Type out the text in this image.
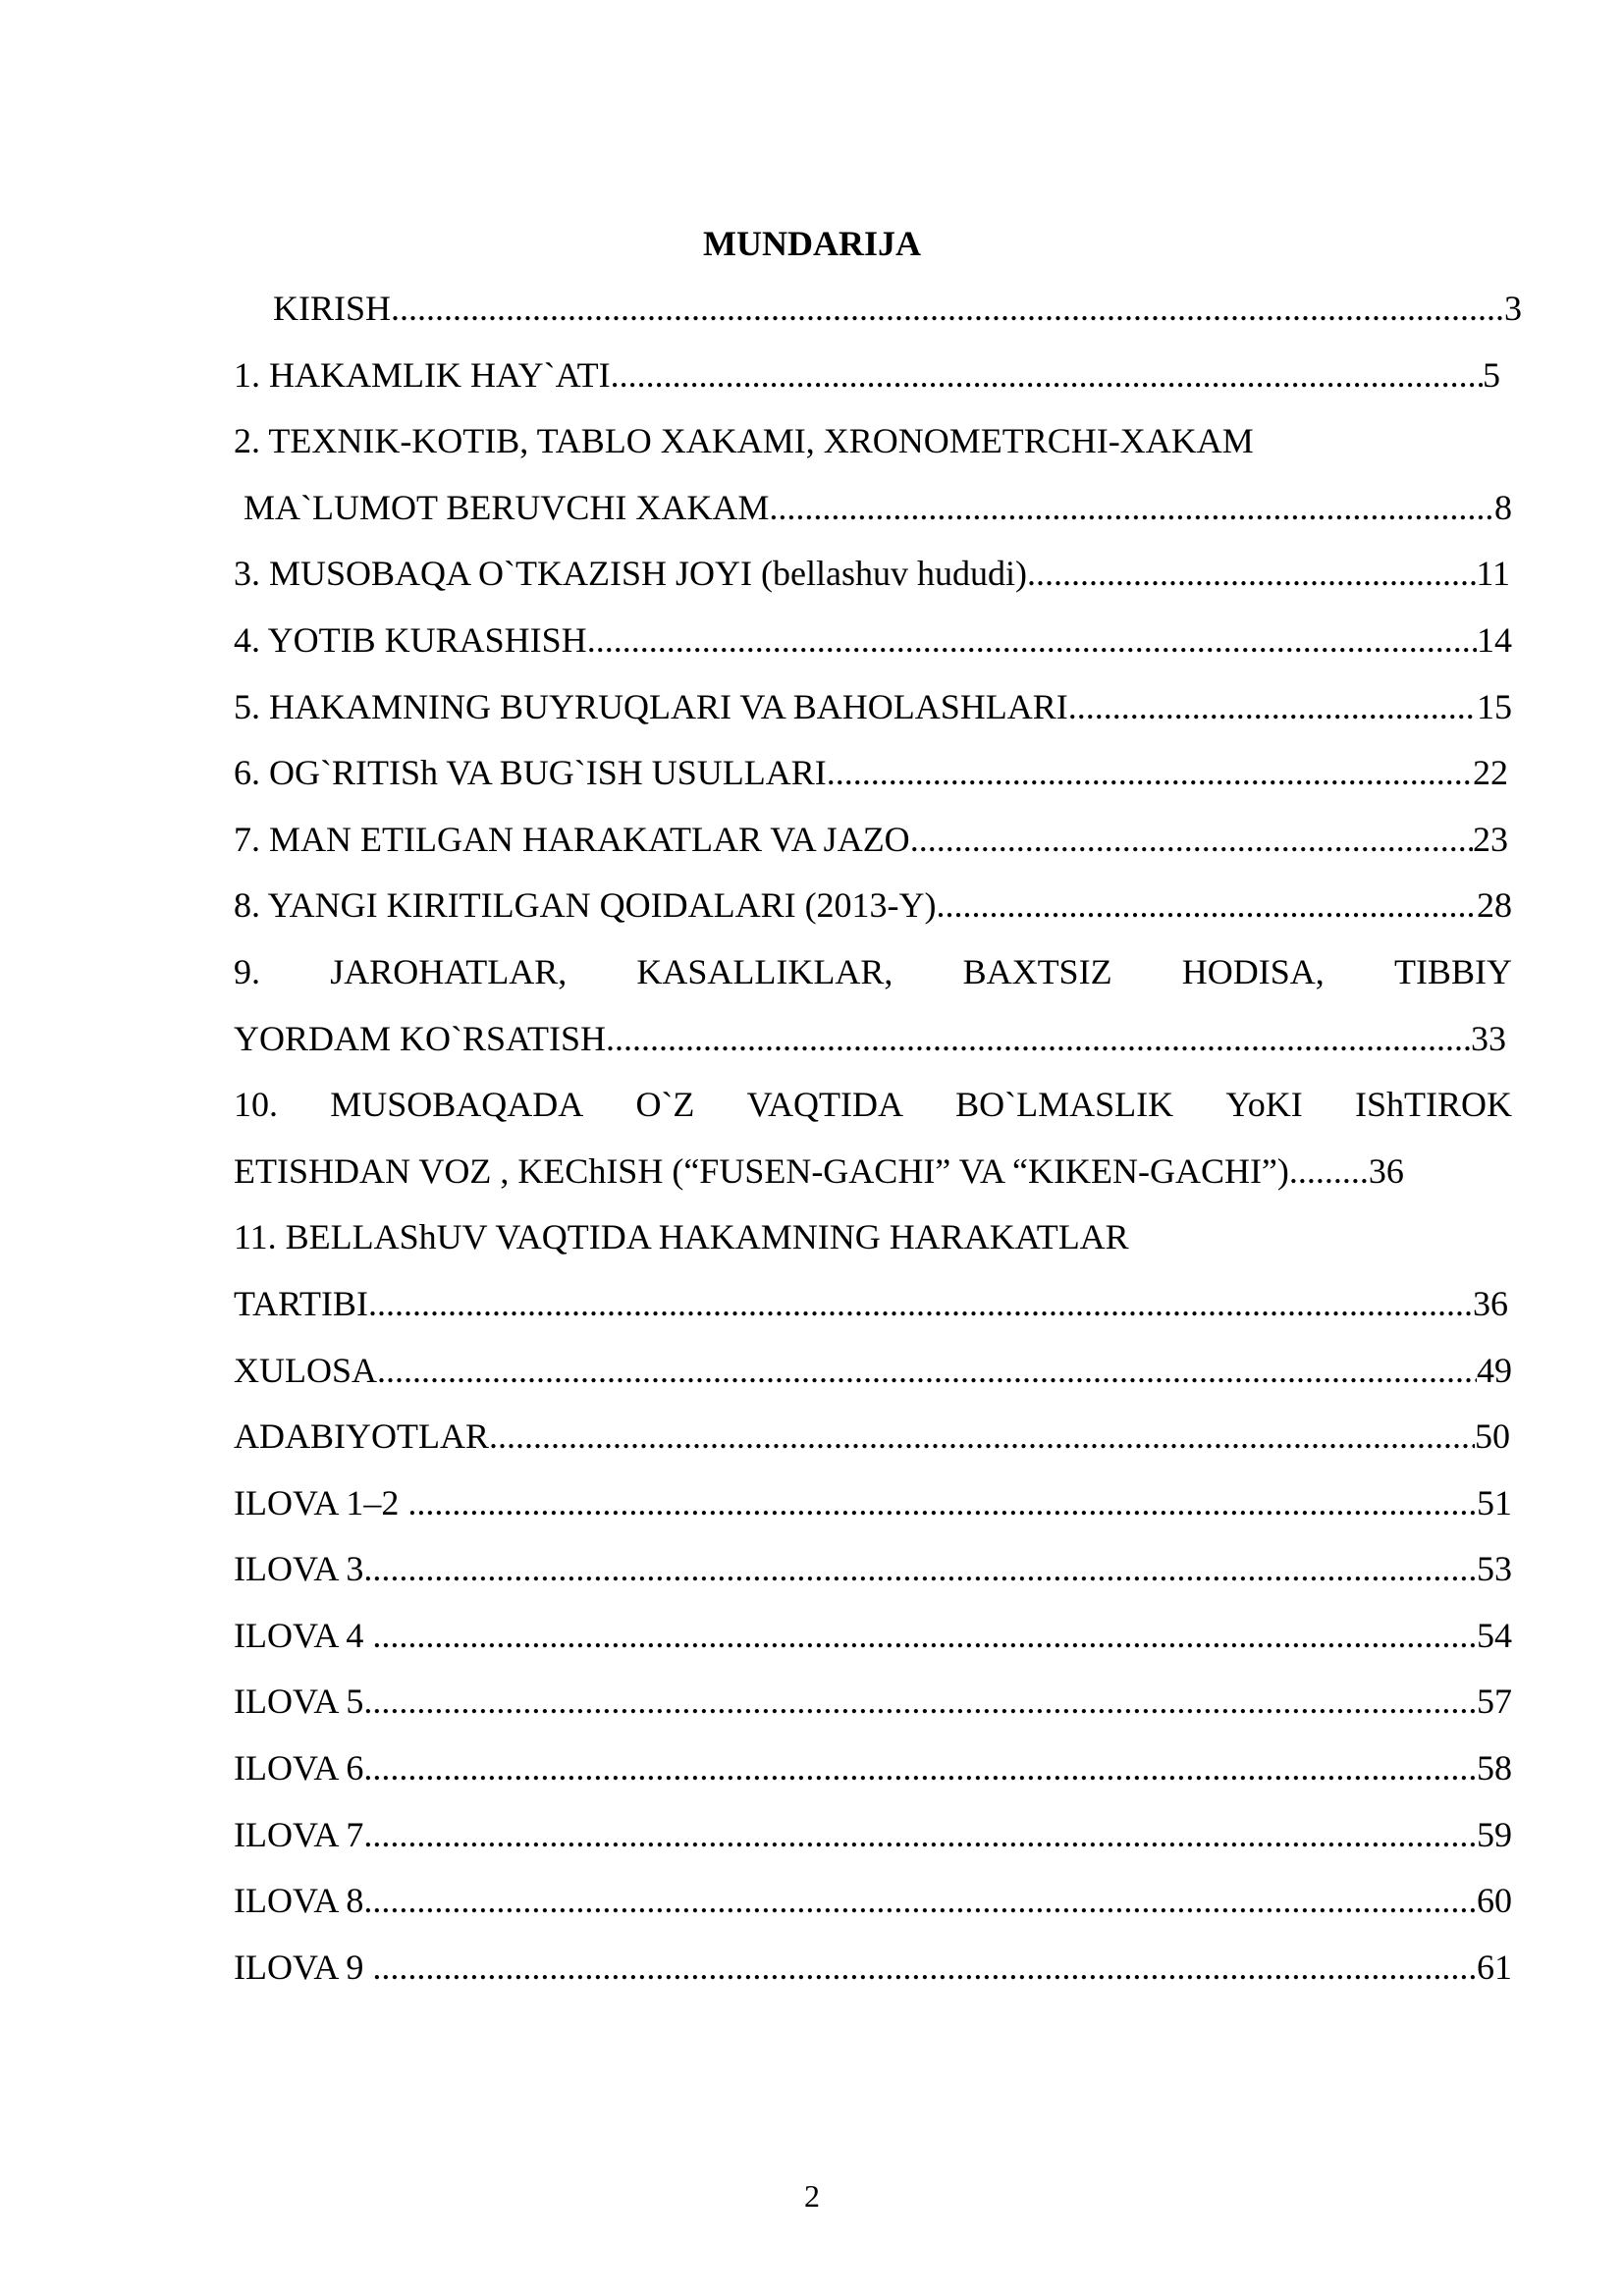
MUNDARIJA
KIRISH .....	3
1. HAKAMLIK HAY`ATI .....	5
2. TEXNIK-KOTIB, TABLO XAKAMI, XRONOMETRCHI-XAKAM
MA`LUMOT BERUVCHI XAKAM .....	8
3. MUSOBAQA O`TKAZISH JOYI (bellashuv hududi) .....	11
4. YOTIB KURASHISH .....	14
5. HAKAMNING BUYRUQLARI VA BAHOLASHLARI .....	15
6. OG`RITISh VA BUG`ISH USULLARI .....	22
7. MAN ETILGAN HARAKATLAR VA JAZO .....	23
8. YANGI KIRITILGAN QOIDALARI (2013-Y) .....	28
9. JAROHATLAR, KASALLIKLAR, BAXTSIZ HODISA, TIBBIY
YORDAM KO`RSATISH .....	33
10. MUSOBAQADA O`Z VAQTIDA BO`LMASLIK YoKI IShTIROK
ETISHDAN VOZ , KEChISH (“FUSEN-GACHI” VA “KIKEN-GACHI”).........36
11. BELLAShUV VAQTIDA HAKAMNING HARAKATLAR
TARTIBI .....	36
XULOSA .....	49
ADABIYOTLAR .....	50
ILOVA 1–2 .....	51
ILOVA 3 .....	53
ILOVA 4 .....	54
ILOVA 5 .....	57
ILOVA 6 .....	58
ILOVA 7 .....	59
ILOVA 8 .....	60
ILOVA 9 .....	61
2
